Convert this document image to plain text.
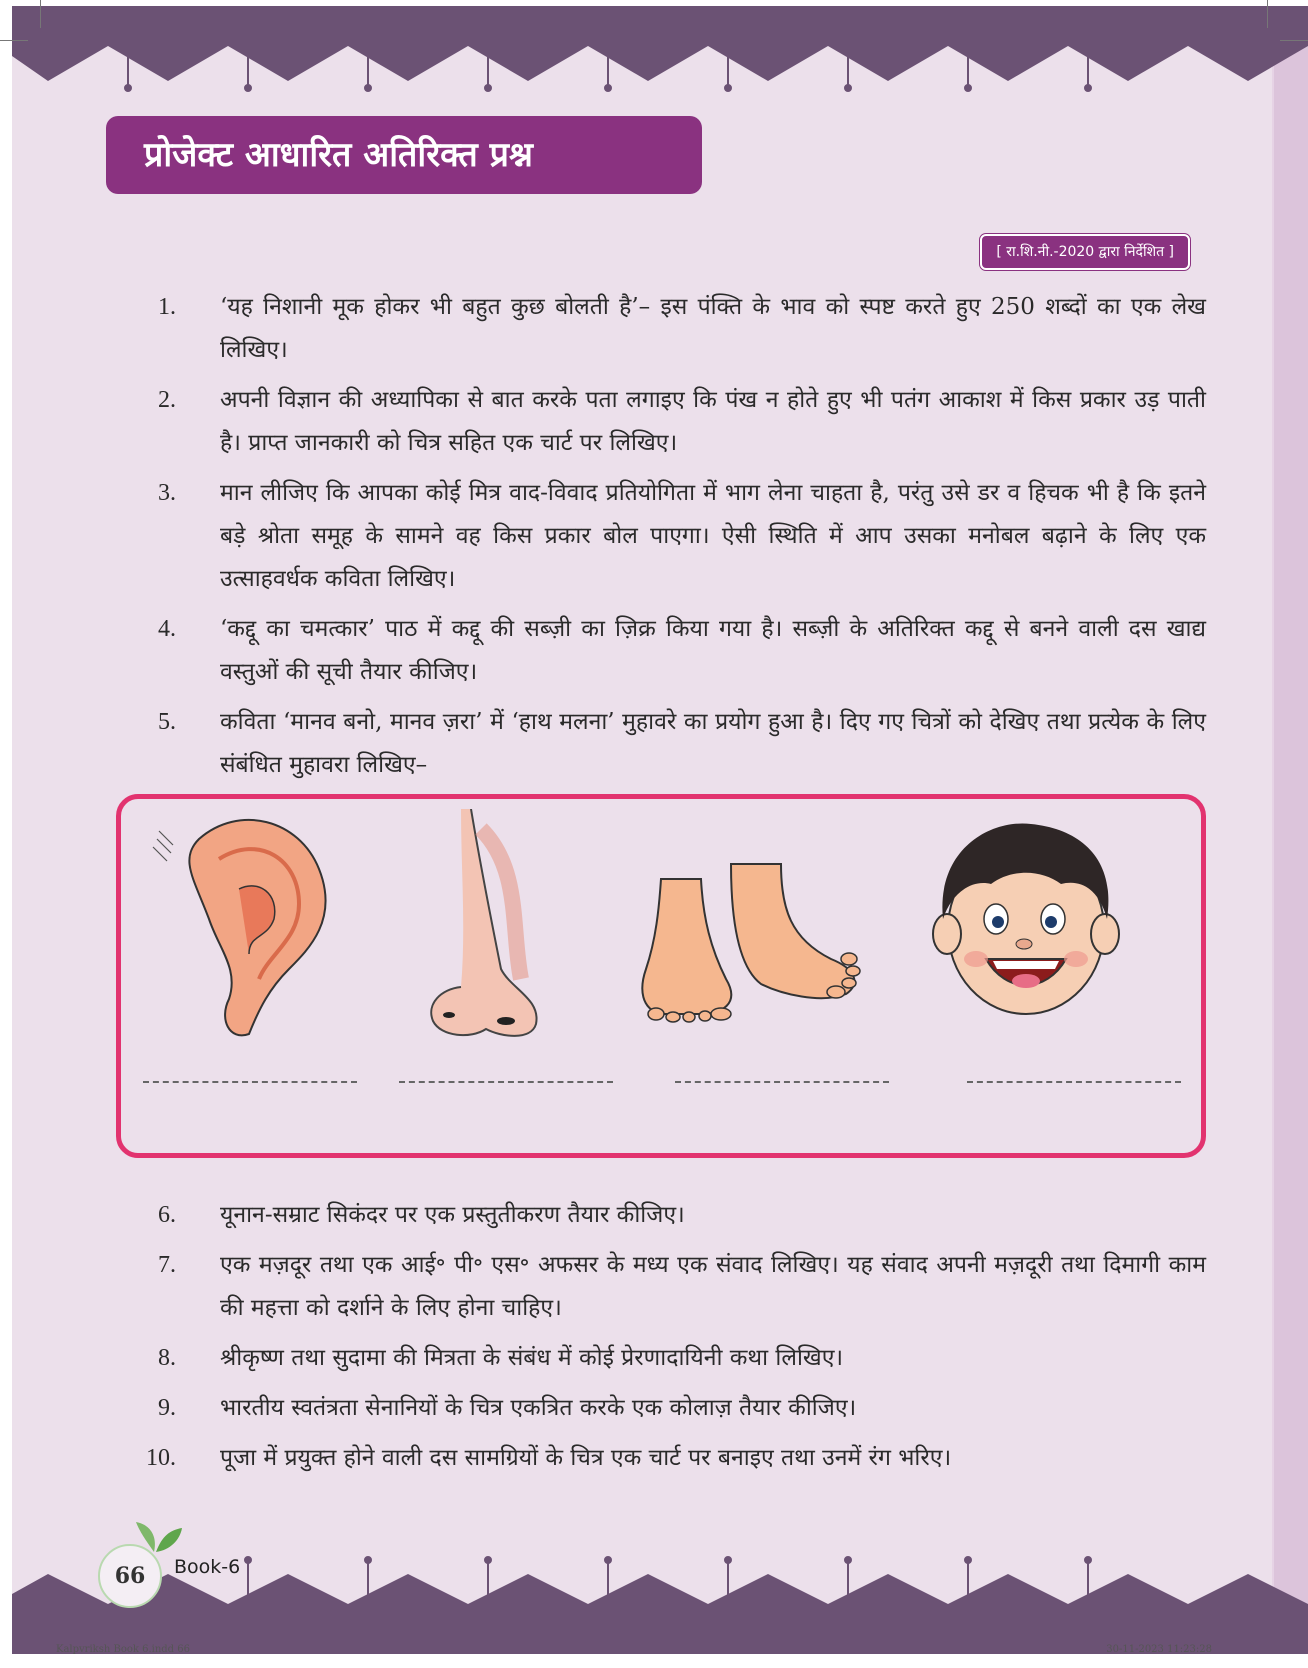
प्रोजेक्ट आधारित अतिरिक्त प्रश्न
[ रा.शि.नी.-2020 द्वारा निर्देशित ]
1. ‘यह निशानी मूक होकर भी बहुत कुछ बोलती है’– इस पंक्ति के भाव को स्पष्ट करते हुए 250 शब्दों का एक लेख लिखिए।
2. अपनी विज्ञान की अध्यापिका से बात करके पता लगाइए कि पंख न होते हुए भी पतंग आकाश में किस प्रकार उड़ पाती है। प्राप्त जानकारी को चित्र सहित एक चार्ट पर लिखिए।
3. मान लीजिए कि आपका कोई मित्र वाद-विवाद प्रतियोगिता में भाग लेना चाहता है, परंतु उसे डर व हिचक भी है कि इतने बड़े श्रोता समूह के सामने वह किस प्रकार बोल पाएगा। ऐसी स्थिति में आप उसका मनोबल बढ़ाने के लिए एक उत्साहवर्धक कविता लिखिए।
4. ‘कद्दू का चमत्कार’ पाठ में कद्दू की सब्ज़ी का ज़िक्र किया गया है। सब्ज़ी के अतिरिक्त कद्दू से बनने वाली दस खाद्य वस्तुओं की सूची तैयार कीजिए।
5. कविता ‘मानव बनो, मानव ज़रा’ में ‘हाथ मलना’ मुहावरे का प्रयोग हुआ है। दिए गए चित्रों को देखिए तथा प्रत्येक के लिए संबंधित मुहावरा लिखिए–
6. यूनान-सम्राट सिकंदर पर एक प्रस्तुतीकरण तैयार कीजिए।
7. एक मज़दूर तथा एक आई॰ पी॰ एस॰ अफसर के मध्य एक संवाद लिखिए। यह संवाद अपनी मज़दूरी तथा दिमागी काम की महत्ता को दर्शाने के लिए होना चाहिए।
8. श्रीकृष्ण तथा सुदामा की मित्रता के संबंध में कोई प्रेरणादायिनी कथा लिखिए।
9. भारतीय स्वतंत्रता सेनानियों के चित्र एकत्रित करके एक कोलाज़ तैयार कीजिए।
10. पूजा में प्रयुक्त होने वाली दस सामग्रियों के चित्र एक चार्ट पर बनाइए तथा उनमें रंग भरिए।
66	Book-6
Kalpvriksh Book 6.indd 66	30-11-2023 11:23:28
